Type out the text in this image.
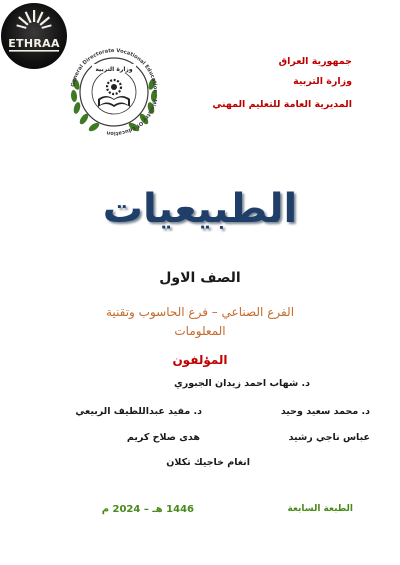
ETHRAA
General Directorate Vocational Education · Ministry Of Education
وزارة التربية
جمهورية العراق
وزارة التربية
المديرية العامة للتعليم المهني
الطبيعيات
الصف الاول
الفرع الصناعي – فرع الحاسوب وتقنية المعلومات
المؤلفون
د. شهاب احمد زيدان الجبوري
د. محمد سعيد وحيد
د. مفيد عبداللطيف الربيعي
عباس ناجي رشيد
هدى صلاح كريم
انغام خاجيك تكلان
الطبعة السابعة
1446 هـ – 2024 م
